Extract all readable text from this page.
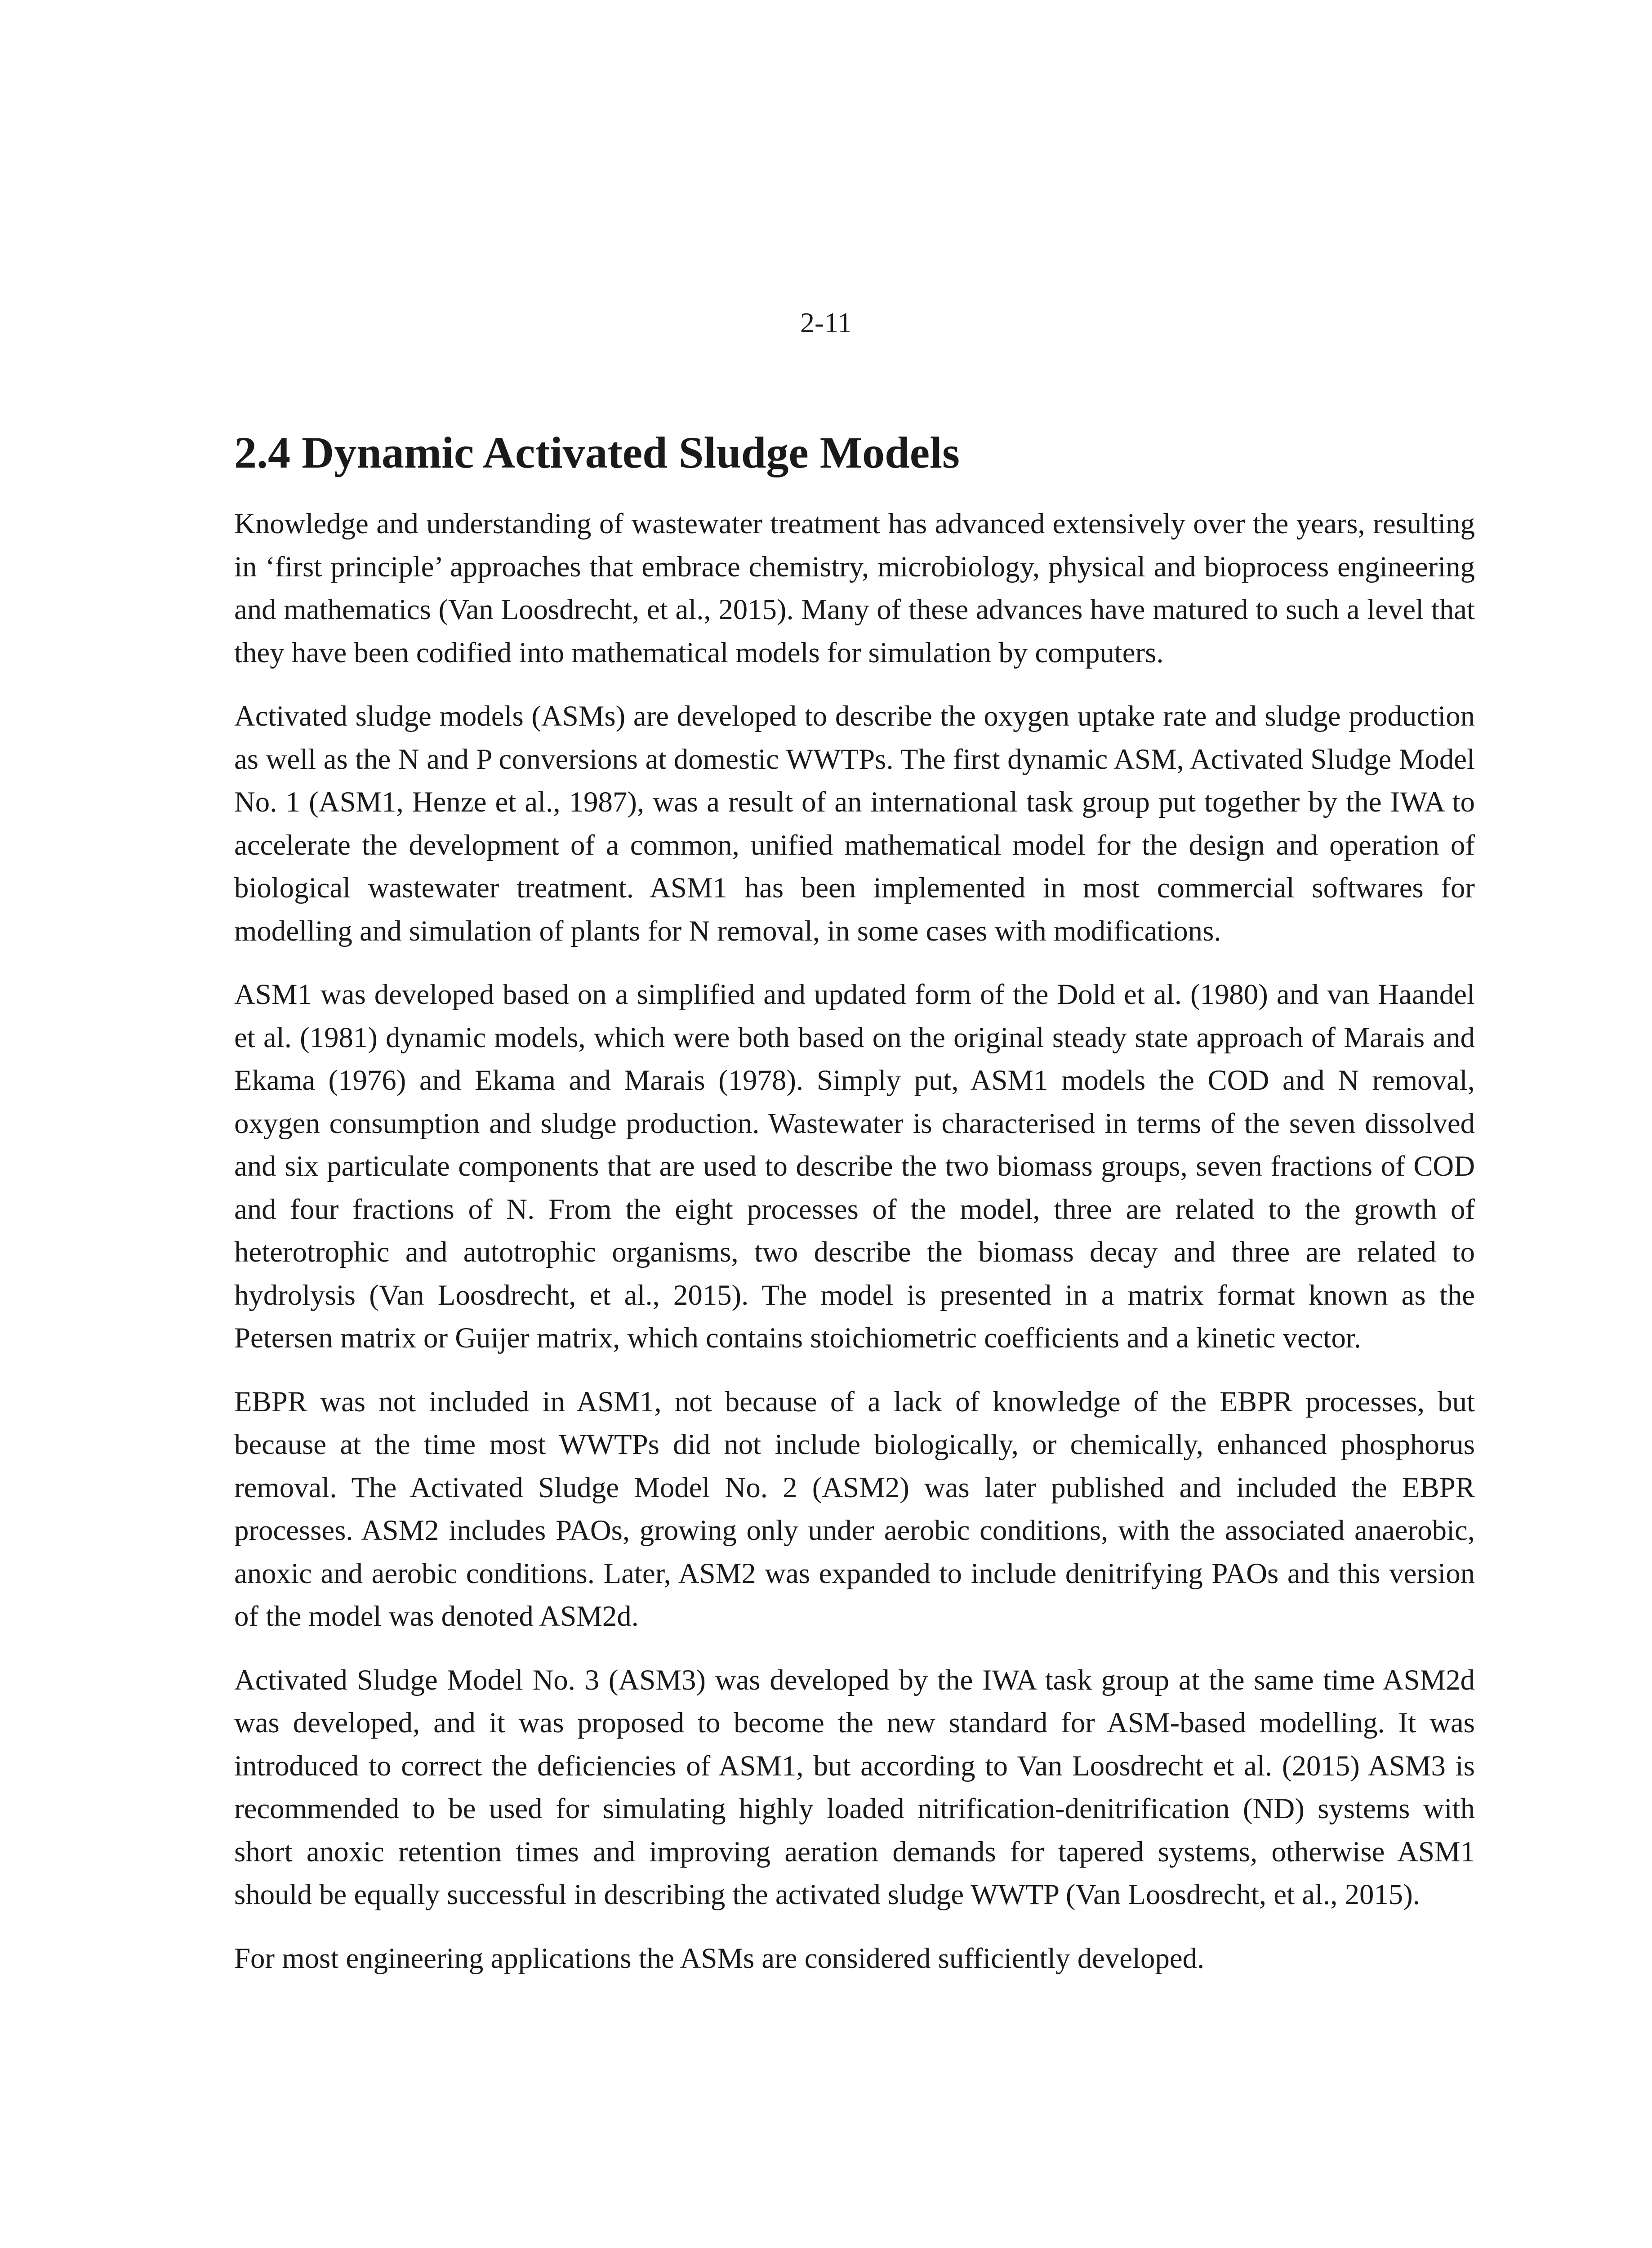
2-11
2.4 Dynamic Activated Sludge Models

Knowledge and understanding of wastewater treatment has advanced extensively over the years, resulting in ‘first principle’ approaches that embrace chemistry, microbiology, physical and bioprocess engineering and mathematics (Van Loosdrecht, et al., 2015). Many of these advances have matured to such a level that they have been codified into mathematical models for simulation by computers.

Activated sludge models (ASMs) are developed to describe the oxygen uptake rate and sludge production as well as the N and P conversions at domestic WWTPs. The first dynamic ASM, Activated Sludge Model No. 1 (ASM1, Henze et al., 1987), was a result of an international task group put together by the IWA to accelerate the development of a common, unified mathematical model for the design and operation of biological wastewater treatment. ASM1 has been implemented in most commercial softwares for modelling and simulation of plants for N removal, in some cases with modifications.

ASM1 was developed based on a simplified and updated form of the Dold et al. (1980) and van Haandel et al. (1981) dynamic models, which were both based on the original steady state approach of Marais and Ekama (1976) and Ekama and Marais (1978). Simply put, ASM1 models the COD and N removal, oxygen consumption and sludge production. Wastewater is characterised in terms of the seven dissolved and six particulate components that are used to describe the two biomass groups, seven fractions of COD and four fractions of N. From the eight processes of the model, three are related to the growth of heterotrophic and autotrophic organisms, two describe the biomass decay and three are related to hydrolysis (Van Loosdrecht, et al., 2015). The model is presented in a matrix format known as the Petersen matrix or Guijer matrix, which contains stoichiometric coefficients and a kinetic vector.

EBPR was not included in ASM1, not because of a lack of knowledge of the EBPR processes, but because at the time most WWTPs did not include biologically, or chemically, enhanced phosphorus removal. The Activated Sludge Model No. 2 (ASM2) was later published and included the EBPR processes. ASM2 includes PAOs, growing only under aerobic conditions, with the associated anaerobic, anoxic and aerobic conditions. Later, ASM2 was expanded to include denitrifying PAOs and this version of the model was denoted ASM2d.

Activated Sludge Model No. 3 (ASM3) was developed by the IWA task group at the same time ASM2d was developed, and it was proposed to become the new standard for ASM-based modelling. It was introduced to correct the deficiencies of ASM1, but according to Van Loosdrecht et al. (2015) ASM3 is recommended to be used for simulating highly loaded nitrification-denitrification (ND) systems with short anoxic retention times and improving aeration demands for tapered systems, otherwise ASM1 should be equally successful in describing the activated sludge WWTP (Van Loosdrecht, et al., 2015).

For most engineering applications the ASMs are considered sufficiently developed.
